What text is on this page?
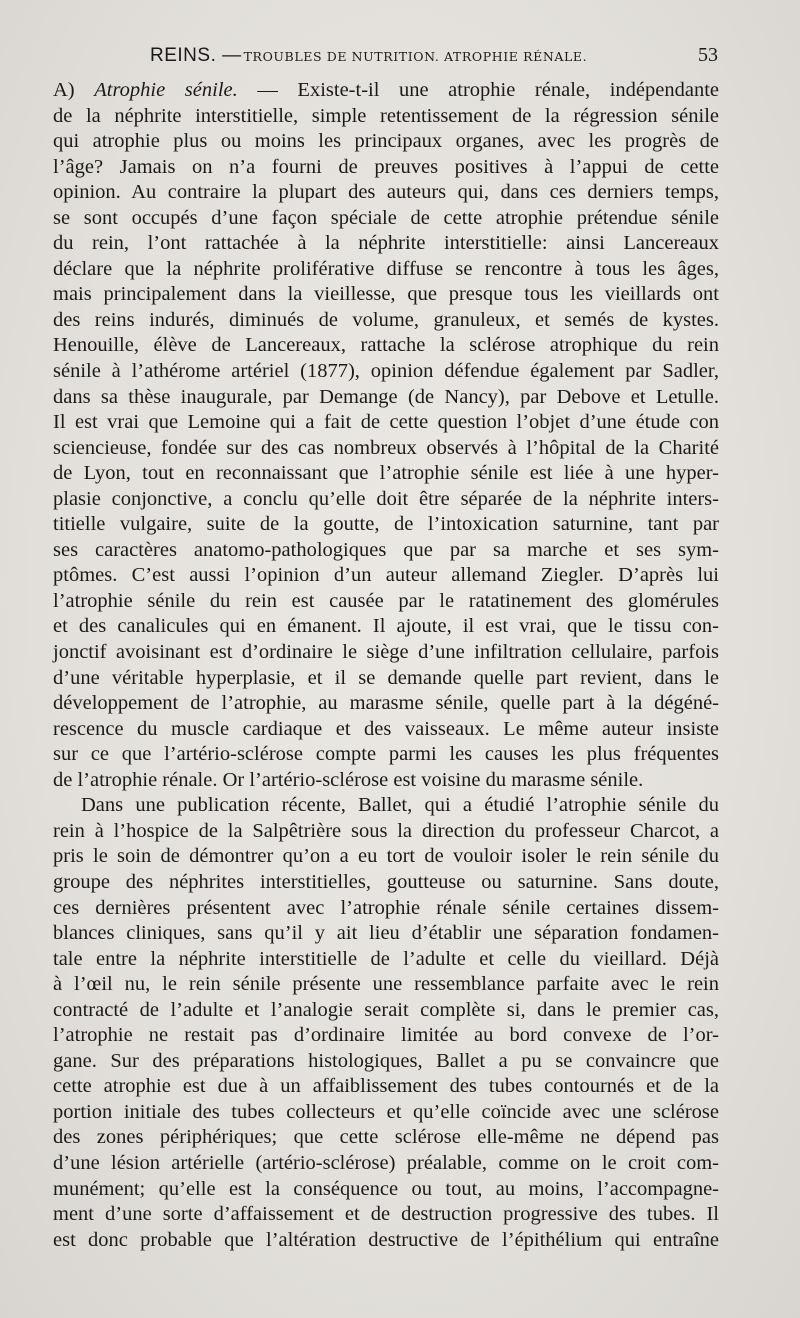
REINS. — TROUBLES DE NUTRITION. ATROPHIE RÉNALE.	53
A) Atrophie sénile. — Existe-t-il une atrophie rénale, indépendante
de la néphrite interstitielle, simple retentissement de la régression sénile
qui atrophie plus ou moins les principaux organes, avec les progrès de
l’âge? Jamais on n’a fourni de preuves positives à l’appui de cette
opinion. Au contraire la plupart des auteurs qui, dans ces derniers temps,
se sont occupés d’une façon spéciale de cette atrophie prétendue sénile
du rein, l’ont rattachée à la néphrite interstitielle: ainsi Lancereaux
déclare que la néphrite proliférative diffuse se rencontre à tous les âges,
mais principalement dans la vieillesse, que presque tous les vieillards ont
des reins indurés, diminués de volume, granuleux, et semés de kystes.
Henouille, élève de Lancereaux, rattache la sclérose atrophique du rein
sénile à l’athérome artériel (1877), opinion défendue également par Sadler,
dans sa thèse inaugurale, par Demange (de Nancy), par Debove et Letulle.
Il est vrai que Lemoine qui a fait de cette question l’objet d’une étude con
sciencieuse, fondée sur des cas nombreux observés à l’hôpital de la Charité
de Lyon, tout en reconnaissant que l’atrophie sénile est liée à une hyper-
plasie conjonctive, a conclu qu’elle doit être séparée de la néphrite inters-
titielle vulgaire, suite de la goutte, de l’intoxication saturnine, tant par
ses caractères anatomo-pathologiques que par sa marche et ses sym-
ptômes. C’est aussi l’opinion d’un auteur allemand Ziegler. D’après lui
l’atrophie sénile du rein est causée par le ratatinement des glomérules
et des canalicules qui en émanent. Il ajoute, il est vrai, que le tissu con-
jonctif avoisinant est d’ordinaire le siège d’une infiltration cellulaire, parfois
d’une véritable hyperplasie, et il se demande quelle part revient, dans le
développement de l’atrophie, au marasme sénile, quelle part à la dégéné-
rescence du muscle cardiaque et des vaisseaux. Le même auteur insiste
sur ce que l’artério-sclérose compte parmi les causes les plus fréquentes
de l’atrophie rénale. Or l’artério-sclérose est voisine du marasme sénile.
Dans une publication récente, Ballet, qui a étudié l’atrophie sénile du
rein à l’hospice de la Salpêtrière sous la direction du professeur Charcot, a
pris le soin de démontrer qu’on a eu tort de vouloir isoler le rein sénile du
groupe des néphrites interstitielles, goutteuse ou saturnine. Sans doute,
ces dernières présentent avec l’atrophie rénale sénile certaines dissem-
blances cliniques, sans qu’il y ait lieu d’établir une séparation fondamen-
tale entre la néphrite interstitielle de l’adulte et celle du vieillard. Déjà
à l’œil nu, le rein sénile présente une ressemblance parfaite avec le rein
contracté de l’adulte et l’analogie serait complète si, dans le premier cas,
l’atrophie ne restait pas d’ordinaire limitée au bord convexe de l’or-
gane. Sur des préparations histologiques, Ballet a pu se convaincre que
cette atrophie est due à un affaiblissement des tubes contournés et de la
portion initiale des tubes collecteurs et qu’elle coïncide avec une sclérose
des zones périphériques; que cette sclérose elle-même ne dépend pas
d’une lésion artérielle (artério-sclérose) préalable, comme on le croit com-
munément; qu’elle est la conséquence ou tout, au moins, l’accompagne-
ment d’une sorte d’affaissement et de destruction progressive des tubes. Il
est donc probable que l’altération destructive de l’épithélium qui entraîne
